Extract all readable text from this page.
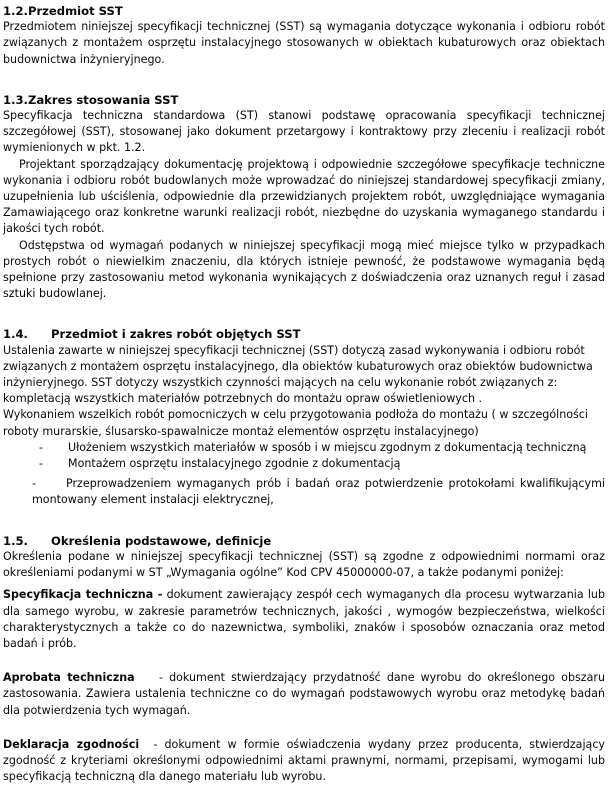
1.2.Przedmiot SST

Przedmiotem niniejszej specyfikacji technicznej (SST) są wymagania dotyczące wykonania i odbioru robót związanych z montażem osprzętu instalacyjnego stosowanych w obiektach kubaturowych oraz obiektach budownictwa inżynieryjnego.

1.3.Zakres stosowania SST

Specyfikacja techniczna standardowa (ST) stanowi podstawę opracowania specyfikacji technicznej szczegółowej (SST), stosowanej jako dokument przetargowy i kontraktowy przy zleceniu i realizacji robót wymienionych w pkt. 1.2.

Projektant sporządzający dokumentację projektową i odpowiednie szczegółowe specyfikacje techniczne wykonania i odbioru robót budowlanych może wprowadzać do niniejszej standardowej specyfikacji zmiany, uzupełnienia lub uściślenia, odpowiednie dla przewidzianych projektem robót, uwzględniające wymagania Zamawiającego oraz konkretne warunki realizacji robót, niezbędne do uzyskania wymaganego standardu i jakości tych robót.

Odstępstwa od wymagań podanych w niniejszej specyfikacji mogą mieć miejsce tylko w przypadkach prostych robót o niewielkim znaczeniu, dla których istnieje pewność, że podstawowe wymagania będą spełnione przy zastosowaniu metod wykonania wynikających z doświadczenia oraz uznanych reguł i zasad sztuki budowlanej.

1.4. Przedmiot i zakres robót objętych SST

Ustalenia zawarte w niniejszej specyfikacji technicznej (SST) dotyczą zasad wykonywania i odbioru robót

związanych z montażem osprzętu instalacyjnego, dla obiektów kubaturowych oraz obiektów budownictwa

inżynieryjnego. SST dotyczy wszystkich czynności mających na celu wykonanie robót związanych z:

kompletacją wszystkich materiałów potrzebnych do montażu opraw oświetleniowych .

Wykonaniem wszelkich robót pomocniczych w celu przygotowania podłoża do montażu ( w szczególności

roboty murarskie, ślusarsko-spawalnicze montaż elementów osprzętu instalacyjnego)

-	Ułożeniem wszystkich materiałów w sposób i w miejscu zgodnym z dokumentacją techniczną
-	Montażem osprzętu instalacyjnego zgodnie z dokumentacją

-	Przeprowadzeniem wymaganych prób i badań oraz potwierdzenie protokołami kwalifikującymi montowany element instalacji elektrycznej,

1.5. Określenia podstawowe, definicje

Określenia podane w niniejszej specyfikacji technicznej (SST) są zgodne z odpowiednimi normami oraz określeniami podanymi w ST „Wymagania ogólne” Kod CPV 45000000-07, a także podanymi poniżej:

Specyfikacja techniczna - dokument zawierający zespół cech wymaganych dla procesu wytwarzania lub dla samego wyrobu, w zakresie parametrów technicznych, jakości , wymogów bezpieczeństwa, wielkości charakterystycznych a także co do nazewnictwa, symboliki, znaków i sposobów oznaczania oraz metod badań i prób.

Aprobata techniczna    - dokument stwierdzający przydatność dane wyrobu do określonego obszaru zastosowania. Zawiera ustalenia techniczne co do wymagań podstawowych wyrobu oraz metodykę badań dla potwierdzenia tych wymagań.

Deklaracja zgodności  - dokument w formie oświadczenia wydany przez producenta, stwierdzający zgodność z kryteriami określonymi odpowiednimi aktami prawnymi, normami, przepisami, wymogami lub specyfikacją techniczną dla danego materiału lub wyrobu.
